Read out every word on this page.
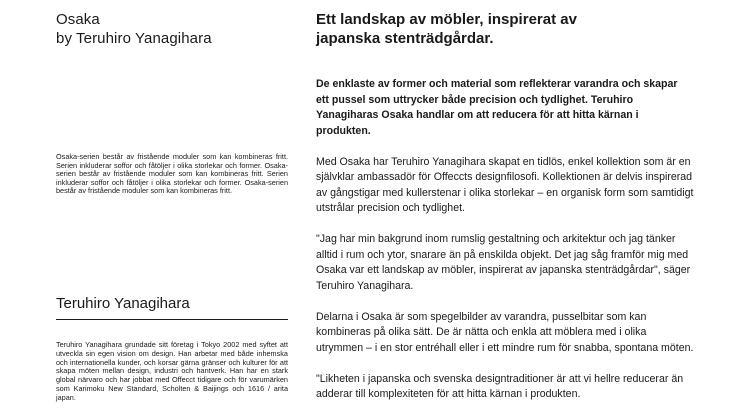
Osaka
by Teruhiro Yanagihara

Osaka-serien består av fristående moduler som kan kombineras fritt. Serien inkluderar soffor och fåtöljer i olika storlekar och former. Osaka-serien består av fristående moduler som kan kombineras fritt. Serien inkluderar soffor och fåtöljer i olika storlekar och former. Osaka-serien består av fristående moduler som kan kombineras fritt.

Teruhiro Yanagihara

Teruhiro Yanagihara grundade sitt företag i Tokyo 2002 med syftet att utveckla sin egen vision om design. Han arbetar med både inhemska och internationella kunder, och korsar gärna gränser och kulturer för att skapa möten mellan design, industri och hantverk. Han har en stark global närvaro och har jobbat med Offecct tidigare och för varumärken som Karimoku New Standard, Scholten & Baijings och 1616 / arita japan.

Ett landskap av möbler, inspirerat av japanska stenträdgårdar.

De enklaste av former och material som reflekterar varandra och skapar ett pussel som uttrycker både precision och tydlighet. Teruhiro Yanagiharas Osaka handlar om att reducera för att hitta kärnan i produkten.

Med Osaka har Teruhiro Yanagihara skapat en tidlös, enkel kollektion som är en självklar ambassadör för Offeccts designfilosofi. Kollektionen är delvis inspirerad av gångstigar med kullerstenar i olika storlekar – en organisk form som samtidigt utstrålar precision och tydlighet.

"Jag har min bakgrund inom rumslig gestaltning och arkitektur och jag tänker alltid i rum och ytor, snarare än på enskilda objekt. Det jag såg framför mig med Osaka var ett landskap av möbler, inspirerat av japanska stenträdgårdar", säger Teruhiro Yanagihara.

Delarna i Osaka är som spegelbilder av varandra, pusselbitar som kan kombineras på olika sätt. De är nätta och enkla att möblera med i olika utrymmen – i en stor entréhall eller i ett mindre rum för snabba, spontana möten.

"Likheten i japanska och svenska designtraditioner är att vi hellre reducerar än adderar till komplexiteten för att hitta kärnan i produkten.
